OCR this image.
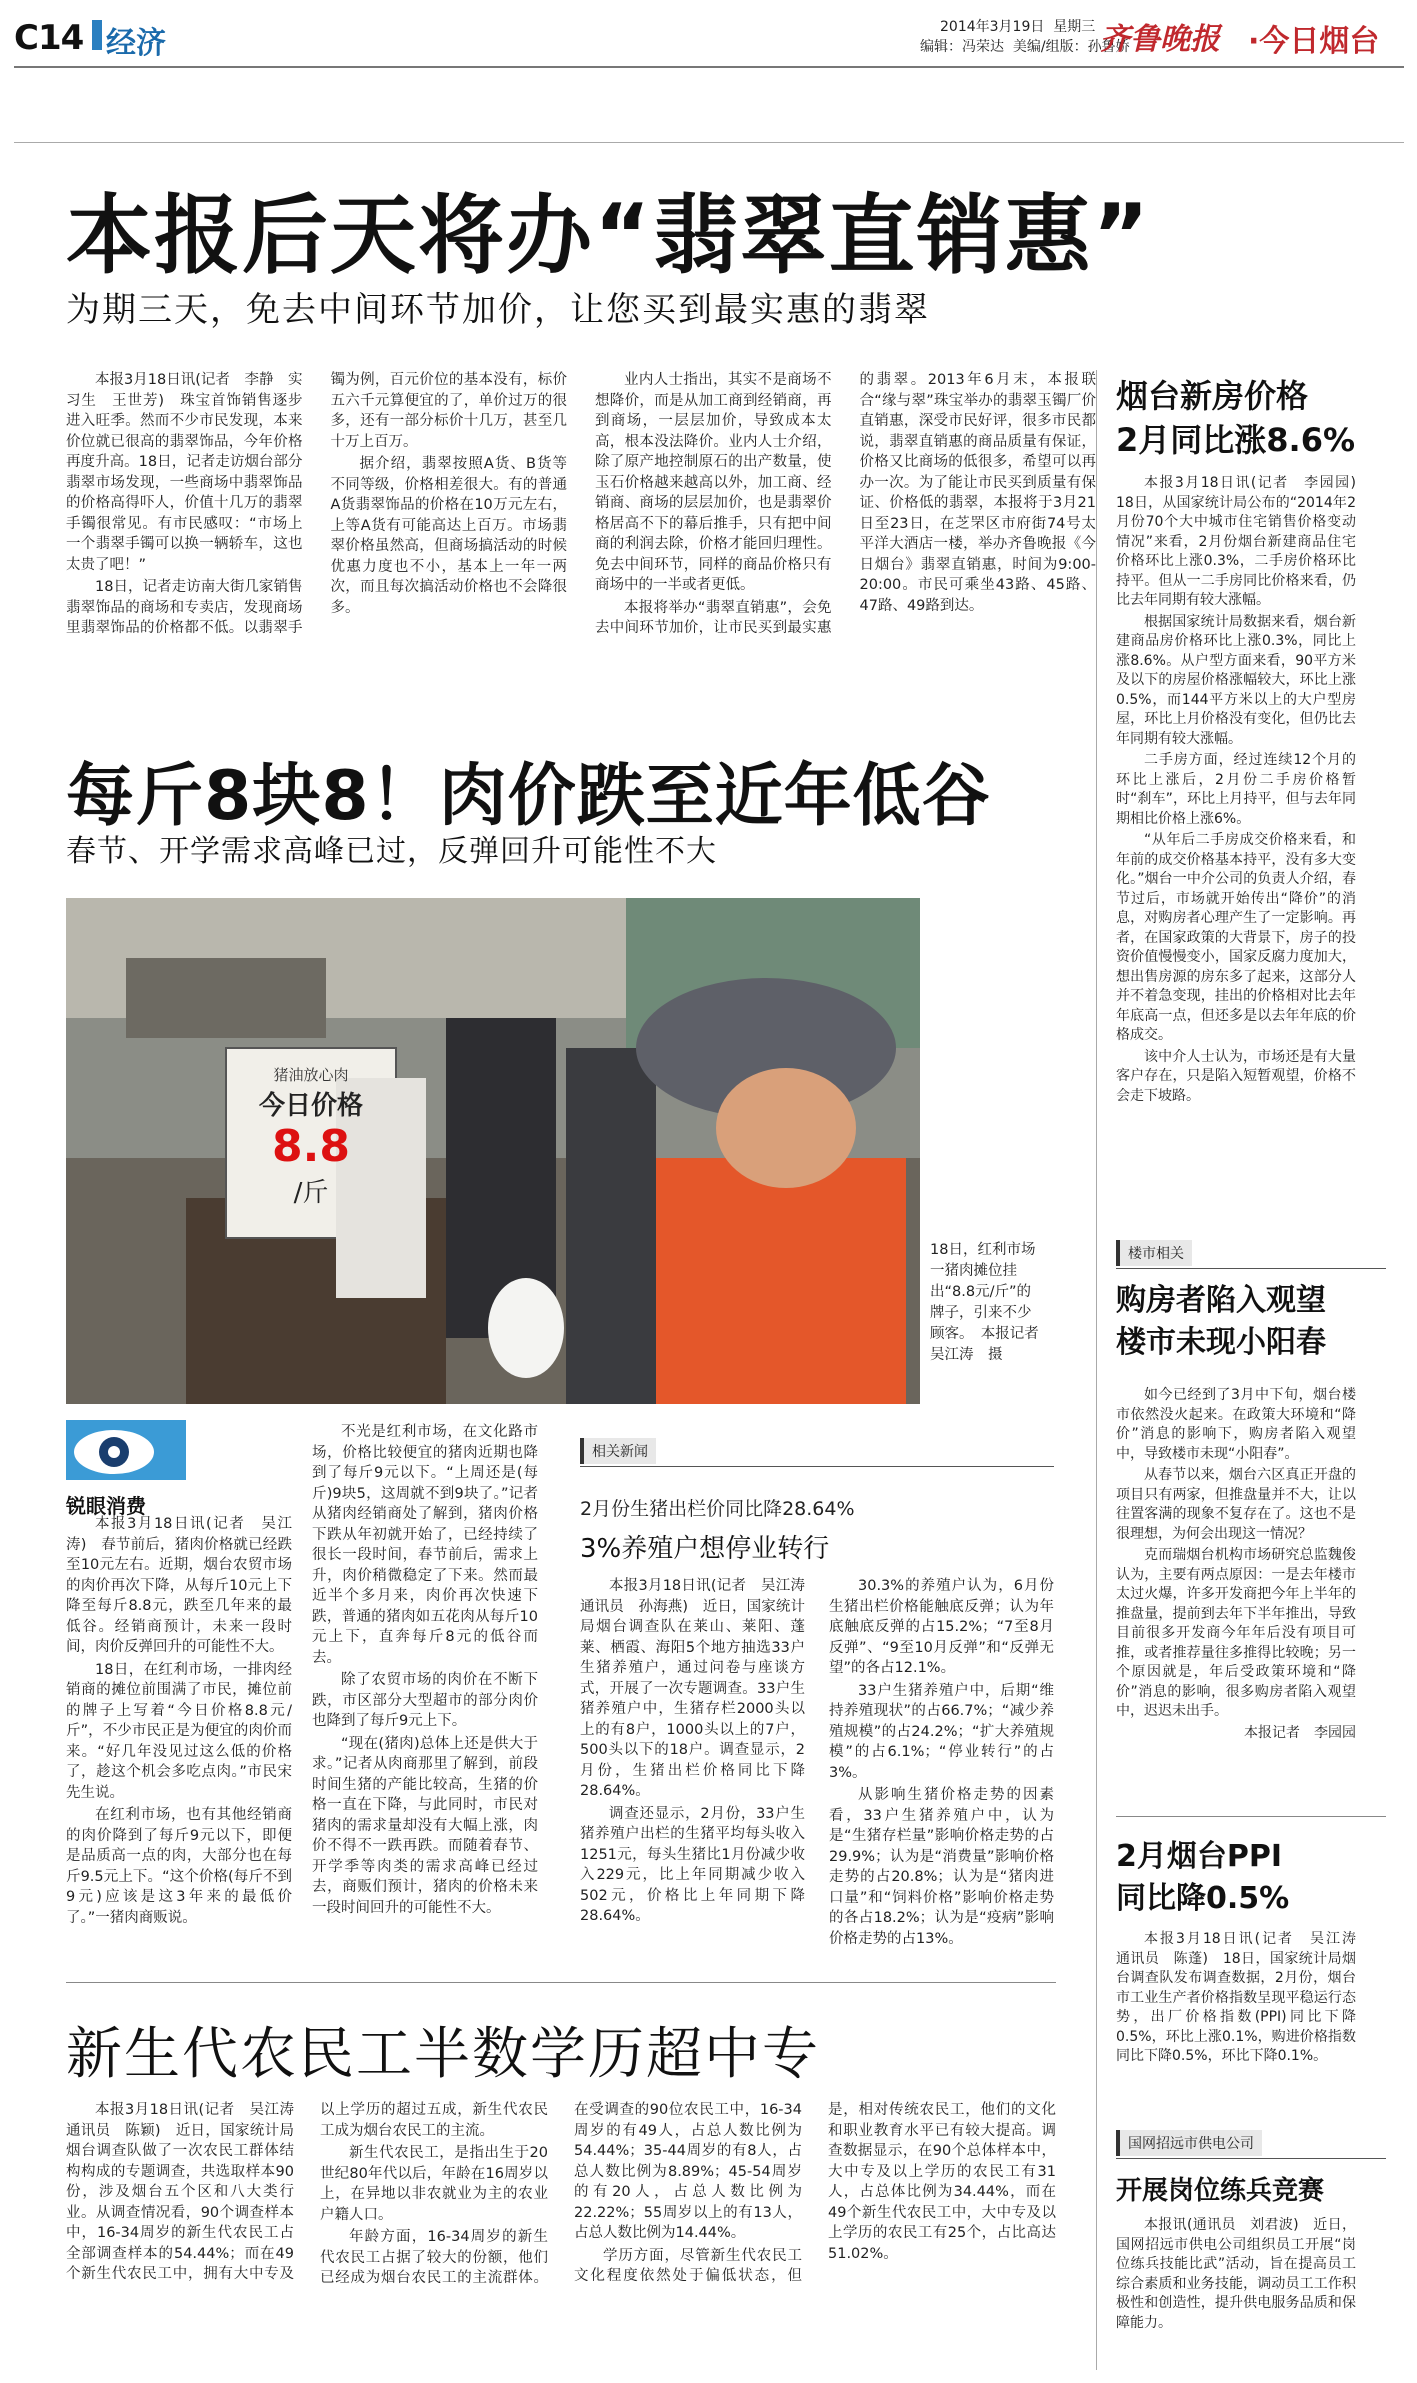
C14 经济	2014年3月19日 星期三
编辑：冯荣达 美编/组版：孙鲁娇
齐鲁晚报 ·今日烟台
本报后天将办“翡翠直销惠”
为期三天，免去中间环节加价，让您买到最实惠的翡翠

本报3月18日讯(记者　李静　实习生　王世芳)　珠宝首饰销售逐步进入旺季。然而不少市民发现，本来价位就已很高的翡翠饰品，今年价格再度升高。18日，记者走访烟台部分翡翠市场发现，一些商场中翡翠饰品的价格高得吓人，价值十几万的翡翠手镯很常见。有市民感叹：“市场上一个翡翠手镯可以换一辆轿车，这也太贵了吧！”

18日，记者走访南大街几家销售翡翠饰品的商场和专卖店，发现商场里翡翠饰品的价格都不低。以翡翠手镯为例，百元价位的基本没有，标价五六千元算便宜的了，单价过万的很多，还有一部分标价十几万，甚至几十万上百万。

据介绍，翡翠按照A货、B货等不同等级，价格相差很大。有的普通A货翡翠饰品的价格在10万元左右，上等A货有可能高达上百万。市场翡翠价格虽然高，但商场搞活动的时候优惠力度也不小，基本上一年一两次，而且每次搞活动价格也不会降很多。

业内人士指出，其实不是商场不想降价，而是从加工商到经销商，再到商场，一层层加价，导致成本太高，根本没法降价。业内人士介绍，除了原产地控制原石的出产数量，使玉石价格越来越高以外，加工商、经销商、商场的层层加价，也是翡翠价格居高不下的幕后推手，只有把中间商的利润去除，价格才能回归理性。免去中间环节，同样的商品价格只有商场中的一半或者更低。

本报将举办“翡翠直销惠”，会免去中间环节加价，让市民买到最实惠的翡翠。2013年6月末，本报联合“缘与翠”珠宝举办的翡翠玉镯厂价直销惠，深受市民好评，很多市民都说，翡翠直销惠的商品质量有保证，价格又比商场的低很多，希望可以再办一次。为了能让市民买到质量有保证、价格低的翡翠，本报将于3月21日至23日，在芝罘区市府街74号太平洋大酒店一楼，举办齐鲁晚报《今日烟台》翡翠直销惠，时间为9:00-20:00。市民可乘坐43路、45路、47路、49路到达。

每斤8块8！肉价跌至近年低谷
春节、开学需求高峰已过，反弹回升可能性不大
猪油放心肉
今日价格
8.8
/斤
18日，红利市场一猪肉摊位挂出“8.8元/斤”的牌子，引来不少顾客。　本报记者　吴江涛　摄
锐眼消费

本报3月18日讯(记者　吴江涛)　春节前后，猪肉价格就已经跌至10元左右。近期，烟台农贸市场的肉价再次下降，从每斤10元上下降至每斤8.8元，跌至几年来的最低谷。经销商预计，未来一段时间，肉价反弹回升的可能性不大。

18日，在红利市场，一排肉经销商的摊位前围满了市民，摊位前的牌子上写着“今日价格8.8元/斤”，不少市民正是为便宜的肉价而来。“好几年没见过这么低的价格了，趁这个机会多吃点肉。”市民宋先生说。

在红利市场，也有其他经销商的肉价降到了每斤9元以下，即便是品质高一点的肉，大部分也在每斤9.5元上下。“这个价格(每斤不到9元)应该是这3年来的最低价了。”一猪肉商贩说。

不光是红利市场，在文化路市场，价格比较便宜的猪肉近期也降到了每斤9元以下。“上周还是(每斤)9块5，这周就不到9块了。”记者从猪肉经销商处了解到，猪肉价格下跌从年初就开始了，已经持续了很长一段时间，春节前后，需求上升，肉价稍微稳定了下来。然而最近半个多月来，肉价再次快速下跌，普通的猪肉如五花肉从每斤10元上下，直奔每斤8元的低谷而去。

除了农贸市场的肉价在不断下跌，市区部分大型超市的部分肉价也降到了每斤9元上下。

“现在(猪肉)总体上还是供大于求。”记者从肉商那里了解到，前段时间生猪的产能比较高，生猪的价格一直在下降，与此同时，市民对猪肉的需求量却没有大幅上涨，肉价不得不一跌再跌。而随着春节、开学季等肉类的需求高峰已经过去，商贩们预计，猪肉的价格未来一段时间回升的可能性不大。

相关新闻
2月份生猪出栏价同比降28.64%
3%养殖户想停业转行

本报3月18日讯(记者　吴江涛　通讯员　孙海燕)　近日，国家统计局烟台调查队在莱山、莱阳、蓬莱、栖霞、海阳5个地方抽选33户生猪养殖户，通过问卷与座谈方式，开展了一次专题调查。33户生猪养殖户中，生猪存栏2000头以上的有8户，1000头以上的7户，500头以下的18户。调查显示，2月份，生猪出栏价格同比下降28.64%。

调查还显示，2月份，33户生猪养殖户出栏的生猪平均每头收入1251元，每头生猪比1月份减少收入229元，比上年同期减少收入502元，价格比上年同期下降28.64%。

30.3%的养殖户认为，6月份生猪出栏价格能触底反弹；认为年底触底反弹的占15.2%；“7至8月反弹”、“9至10月反弹”和“反弹无望”的各占12.1%。

33户生猪养殖户中，后期“维持养殖现状”的占66.7%；“减少养殖规模”的占24.2%；“扩大养殖规模”的占6.1%；“停业转行”的占3%。

从影响生猪价格走势的因素看，33户生猪养殖户中，认为是“生猪存栏量”影响价格走势的占29.9%；认为是“消费量”影响价格走势的占20.8%；认为是“猪肉进口量”和“饲料价格”影响价格走势的各占18.2%；认为是“疫病”影响价格走势的占13%。

新生代农民工半数学历超中专

本报3月18日讯(记者　吴江涛　通讯员　陈颖)　近日，国家统计局烟台调查队做了一次农民工群体结构构成的专题调查，共选取样本90份，涉及烟台五个区和八大类行业。从调查情况看，90个调查样本中，16-34周岁的新生代农民工占全部调查样本的54.44%；而在49个新生代农民工中，拥有大中专及以上学历的超过五成，新生代农民工成为烟台农民工的主流。

新生代农民工，是指出生于20世纪80年代以后，年龄在16周岁以上，在异地以非农就业为主的农业户籍人口。

年龄方面，16-34周岁的新生代农民工占据了较大的份额，他们已经成为烟台农民工的主流群体。在受调查的90位农民工中，16-34周岁的有49人，占总人数比例为54.44%；35-44周岁的有8人，占总人数比例为8.89%；45-54周岁的有20人，占总人数比例为22.22%；55周岁以上的有13人，占总人数比例为14.44%。

学历方面，尽管新生代农民工文化程度依然处于偏低状态，但是，相对传统农民工，他们的文化和职业教育水平已有较大提高。调查数据显示，在90个总体样本中，大中专及以上学历的农民工有31人，占总体比例为34.44%，而在49个新生代农民工中，大中专及以上学历的农民工有25个，占比高达51.02%。

烟台新房价格
2月同比涨8.6%

本报3月18日讯(记者　李园园)　18日，从国家统计局公布的“2014年2月份70个大中城市住宅销售价格变动情况”来看，2月份烟台新建商品住宅价格环比上涨0.3%，二手房价格环比持平。但从一二手房同比价格来看，仍比去年同期有较大涨幅。

根据国家统计局数据来看，烟台新建商品房价格环比上涨0.3%，同比上涨8.6%。从户型方面来看，90平方米及以下的房屋价格涨幅较大，环比上涨0.5%，而144平方米以上的大户型房屋，环比上月价格没有变化，但仍比去年同期有较大涨幅。

二手房方面，经过连续12个月的环比上涨后，2月份二手房价格暂时“刹车”，环比上月持平，但与去年同期相比价格上涨6%。

“从年后二手房成交价格来看，和年前的成交价格基本持平，没有多大变化。”烟台一中介公司的负责人介绍，春节过后，市场就开始传出“降价”的消息，对购房者心理产生了一定影响。再者，在国家政策的大背景下，房子的投资价值慢慢变小，国家反腐力度加大，想出售房源的房东多了起来，这部分人并不着急变现，挂出的价格相对比去年年底高一点，但还多是以去年年底的价格成交。

该中介人士认为，市场还是有大量客户存在，只是陷入短暂观望，价格不会走下坡路。

楼市相关
购房者陷入观望
楼市未现小阳春

如今已经到了3月中下旬，烟台楼市依然没火起来。在政策大环境和“降价”消息的影响下，购房者陷入观望中，导致楼市未现“小阳春”。

从春节以来，烟台六区真正开盘的项目只有两家，但推盘量并不大，让以往置客满的现象不复存在了。这也不是很理想，为何会出现这一情况？

克而瑞烟台机构市场研究总监魏俊认为，主要有两点原因：一是去年楼市太过火爆，许多开发商把今年上半年的推盘量，提前到去年下半年推出，导致目前很多开发商今年年后没有项目可推，或者推荐量往多推得比较晚；另一个原因就是，年后受政策环境和“降价”消息的影响，很多购房者陷入观望中，迟迟未出手。

本报记者　李园园

2月烟台PPI
同比降0.5%

本报3月18日讯(记者　吴江涛　通讯员　陈蓬)　18日，国家统计局烟台调查队发布调查数据，2月份，烟台市工业生产者价格指数呈现平稳运行态势，出厂价格指数(PPI)同比下降0.5%，环比上涨0.1%，购进价格指数同比下降0.5%，环比下降0.1%。

国网招远市供电公司
开展岗位练兵竞赛

本报讯(通讯员　刘君波)　近日，国网招远市供电公司组织员工开展“岗位练兵技能比武”活动，旨在提高员工综合素质和业务技能，调动员工工作积极性和创造性，提升供电服务品质和保障能力。
